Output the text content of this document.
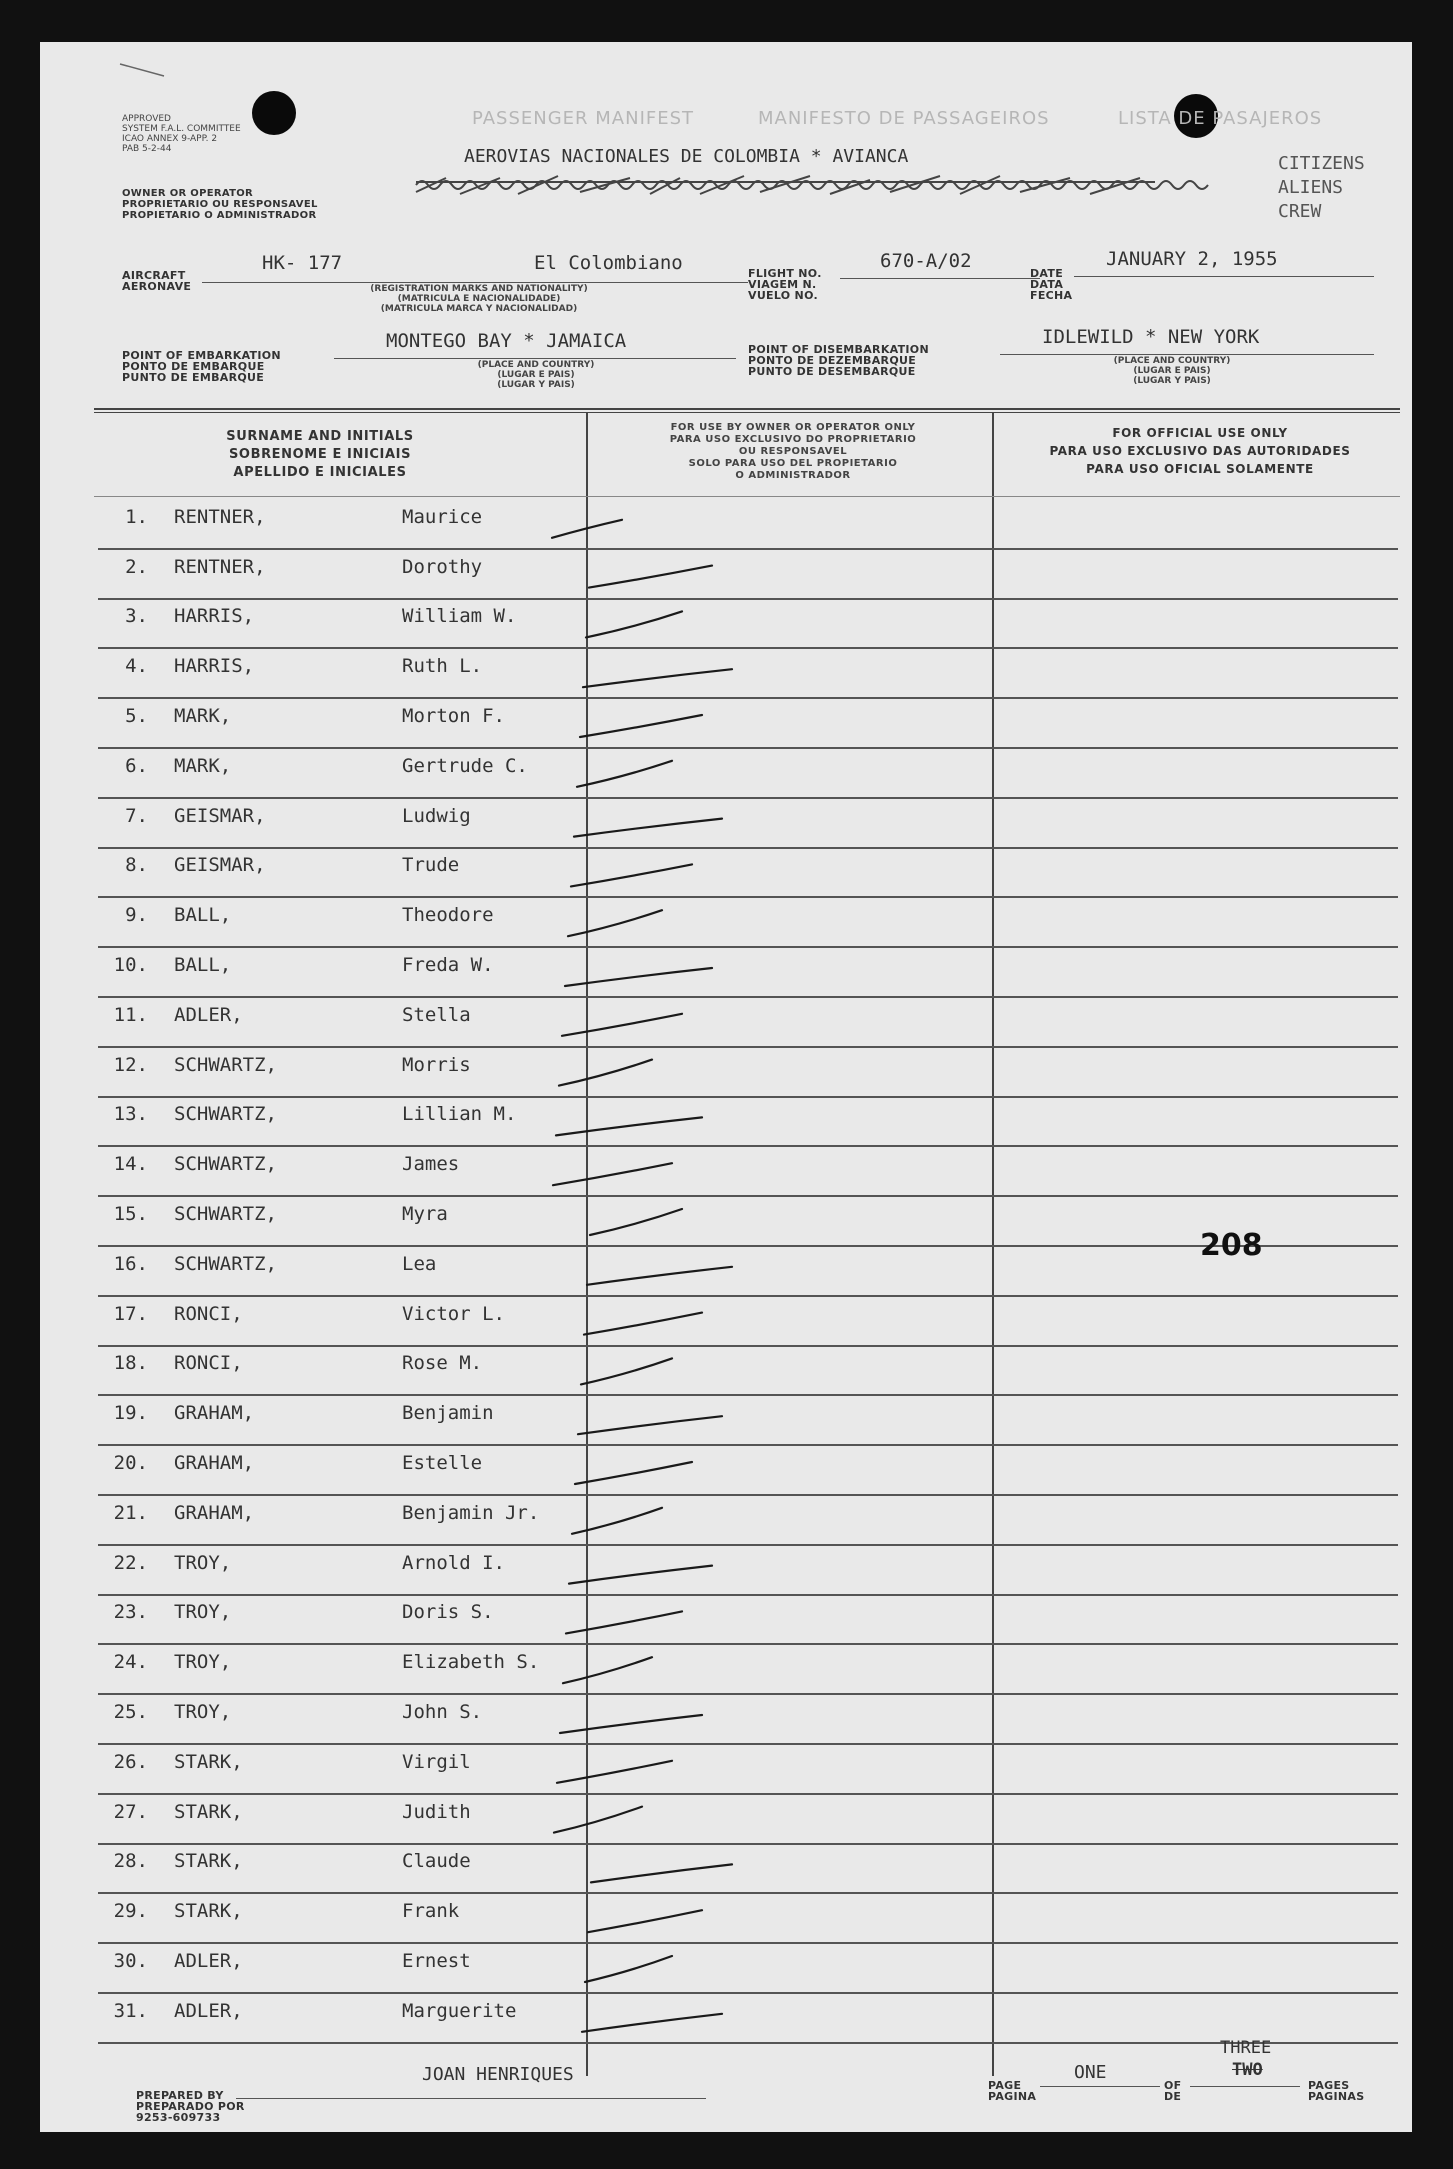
APPROVED
SYSTEM F.A.L. COMMITTEE
ICAO ANNEX 9-APP. 2
PAB 5-2-44
PASSENGER MANIFEST	MANIFESTO DE PASSAGEIROS	LISTA DE PASAJEROS
AEROVIAS NACIONALES DE COLOMBIA * AVIANCA
OWNER OR OPERATOR
PROPRIETARIO OU RESPONSAVEL
PROPIETARIO O ADMINISTRADOR
CITIZENS
ALIENS
CREW
AIRCRAFT
AERONAVE
HK- 177	El Colombiano
(REGISTRATION MARKS AND NATIONALITY)
(MATRICULA E NACIONALIDADE)
(MATRICULA MARCA Y NACIONALIDAD)
FLIGHT NO.
VIAGEM N.
VUELO NO.
670-A/02
DATE
DATA
FECHA
JANUARY 2, 1955
POINT OF EMBARKATION
PONTO DE EMBARQUE
PUNTO DE EMBARQUE
MONTEGO BAY * JAMAICA
(PLACE AND COUNTRY)
(LUGAR E PAIS)
(LUGAR Y PAIS)
POINT OF DISEMBARKATION
PONTO DE DEZEMBARQUE
PUNTO DE DESEMBARQUE
IDLEWILD * NEW YORK
(PLACE AND COUNTRY)
(LUGAR E PAIS)
(LUGAR Y PAIS)
SURNAME AND INITIALS
SOBRENOME E INICIAIS
APELLIDO E INICIALES
FOR USE BY OWNER OR OPERATOR ONLY
PARA USO EXCLUSIVO DO PROPRIETARIO
OU RESPONSAVEL
SOLO PARA USO DEL PROPIETARIO
O ADMINISTRADOR
FOR OFFICIAL USE ONLY
PARA USO EXCLUSIVO DAS AUTORIDADES
PARA USO OFICIAL SOLAMENTE
1. RENTNER,	Maurice
2. RENTNER,	Dorothy
3. HARRIS,	William W.
4. HARRIS,	Ruth L.
5. MARK,	Morton F.
6. MARK,	Gertrude C.
7. GEISMAR,	Ludwig
8. GEISMAR,	Trude
9. BALL,	Theodore
10. BALL,	Freda W.
11. ADLER,	Stella
12. SCHWARTZ,	Morris
13. SCHWARTZ,	Lillian M.
14. SCHWARTZ,	James
15. SCHWARTZ,	Myra
16. SCHWARTZ,	Lea
17. RONCI,	Victor L.
18. RONCI,	Rose M.
19. GRAHAM,	Benjamin
20. GRAHAM,	Estelle
21. GRAHAM,	Benjamin Jr.
22. TROY,	Arnold I.
23. TROY,	Doris S.
24. TROY,	Elizabeth S.
25. TROY,	John S.
26. STARK,	Virgil
27. STARK,	Judith
28. STARK,	Claude
29. STARK,	Frank
30. ADLER,	Ernest
31. ADLER,	Marguerite
208
PREPARED BY
PREPARADO POR
9253-609733
JOAN HENRIQUES
PAGE
PAGINA
ONE
OF
DE
THREE
TWO
PAGES
PAGINAS
